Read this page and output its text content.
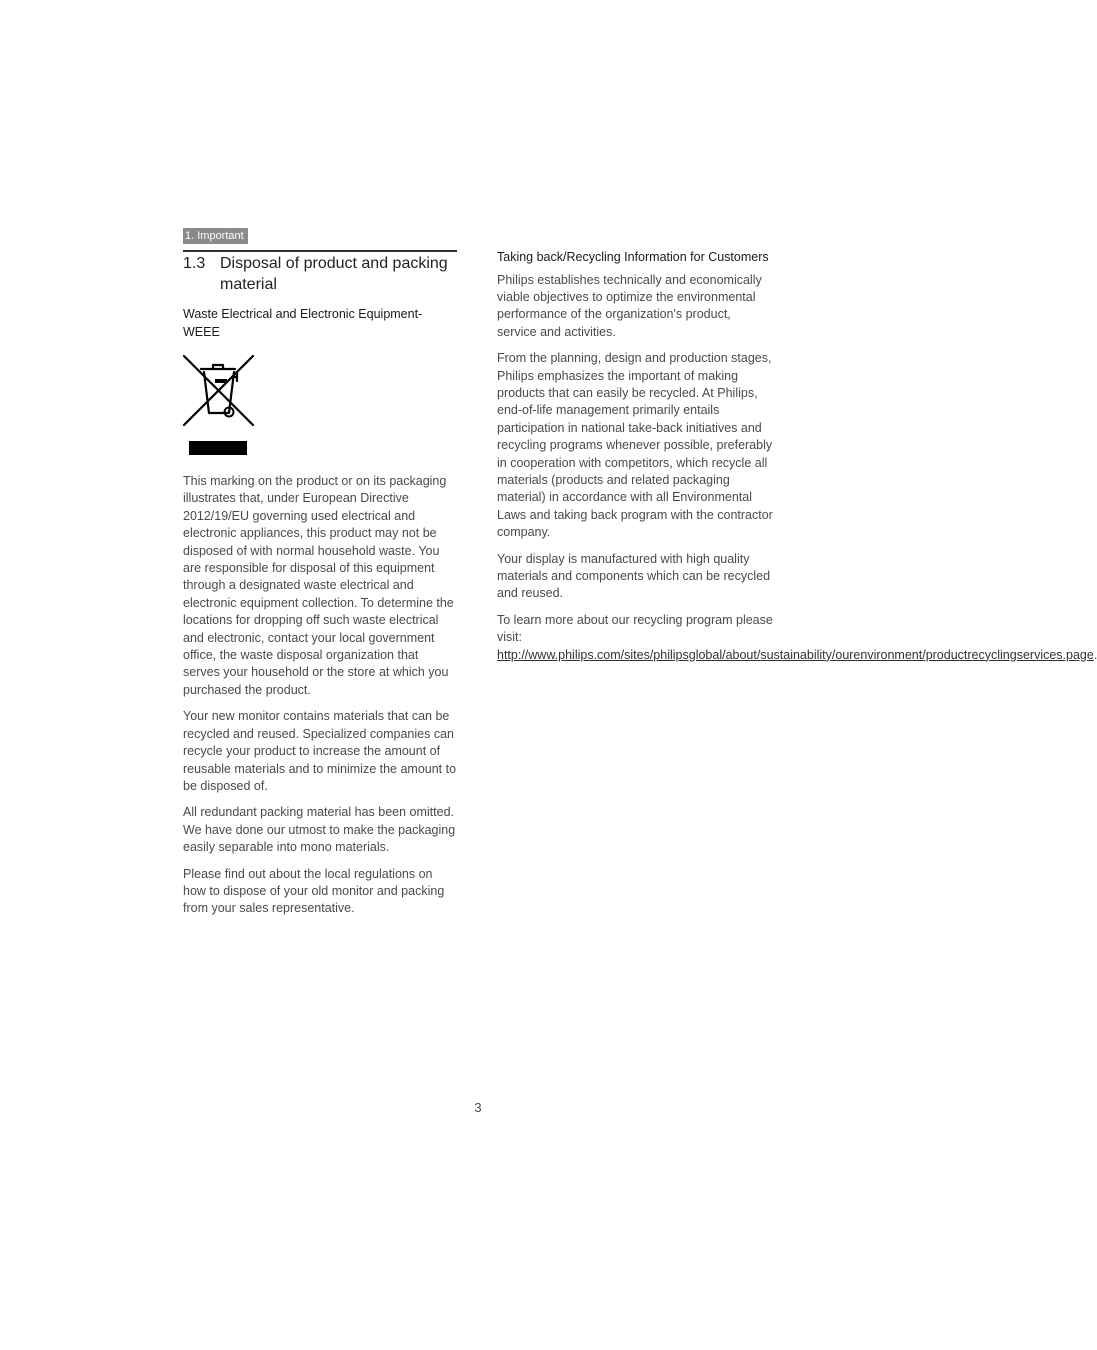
1. Important
1.3 Disposal of product and packing material
Waste Electrical and Electronic Equipment-WEEE

This marking on the product or on its packaging illustrates that, under European Directive 2012/19/EU governing used electrical and electronic appliances, this product may not be disposed of with normal household waste. You are responsible for disposal of this equipment through a designated waste electrical and electronic equipment collection. To determine the locations for dropping off such waste electrical and electronic, contact your local government office, the waste disposal organization that serves your household or the store at which you purchased the product.

Your new monitor contains materials that can be recycled and reused. Specialized companies can recycle your product to increase the amount of reusable materials and to minimize the amount to be disposed of.

All redundant packing material has been omitted. We have done our utmost to make the packaging easily separable into mono materials.

Please find out about the local regulations on how to dispose of your old monitor and packing from your sales representative.

Taking back/Recycling Information for Customers

Philips establishes technically and economically viable objectives to optimize the environmental performance of the organization's product, service and activities.

From the planning, design and production stages, Philips emphasizes the important of making products that can easily be recycled. At Philips, end-of-life management primarily entails participation in national take-back initiatives and recycling programs whenever possible, preferably in cooperation with competitors, which recycle all materials (products and related packaging material) in accordance with all Environmental Laws and taking back program with the contractor company.

Your display is manufactured with high quality materials and components which can be recycled and reused.

To learn more about our recycling program please visit: http://www.philips.com/sites/philipsglobal/about/sustainability/ourenvironment/productrecyclingservices.page.

3
